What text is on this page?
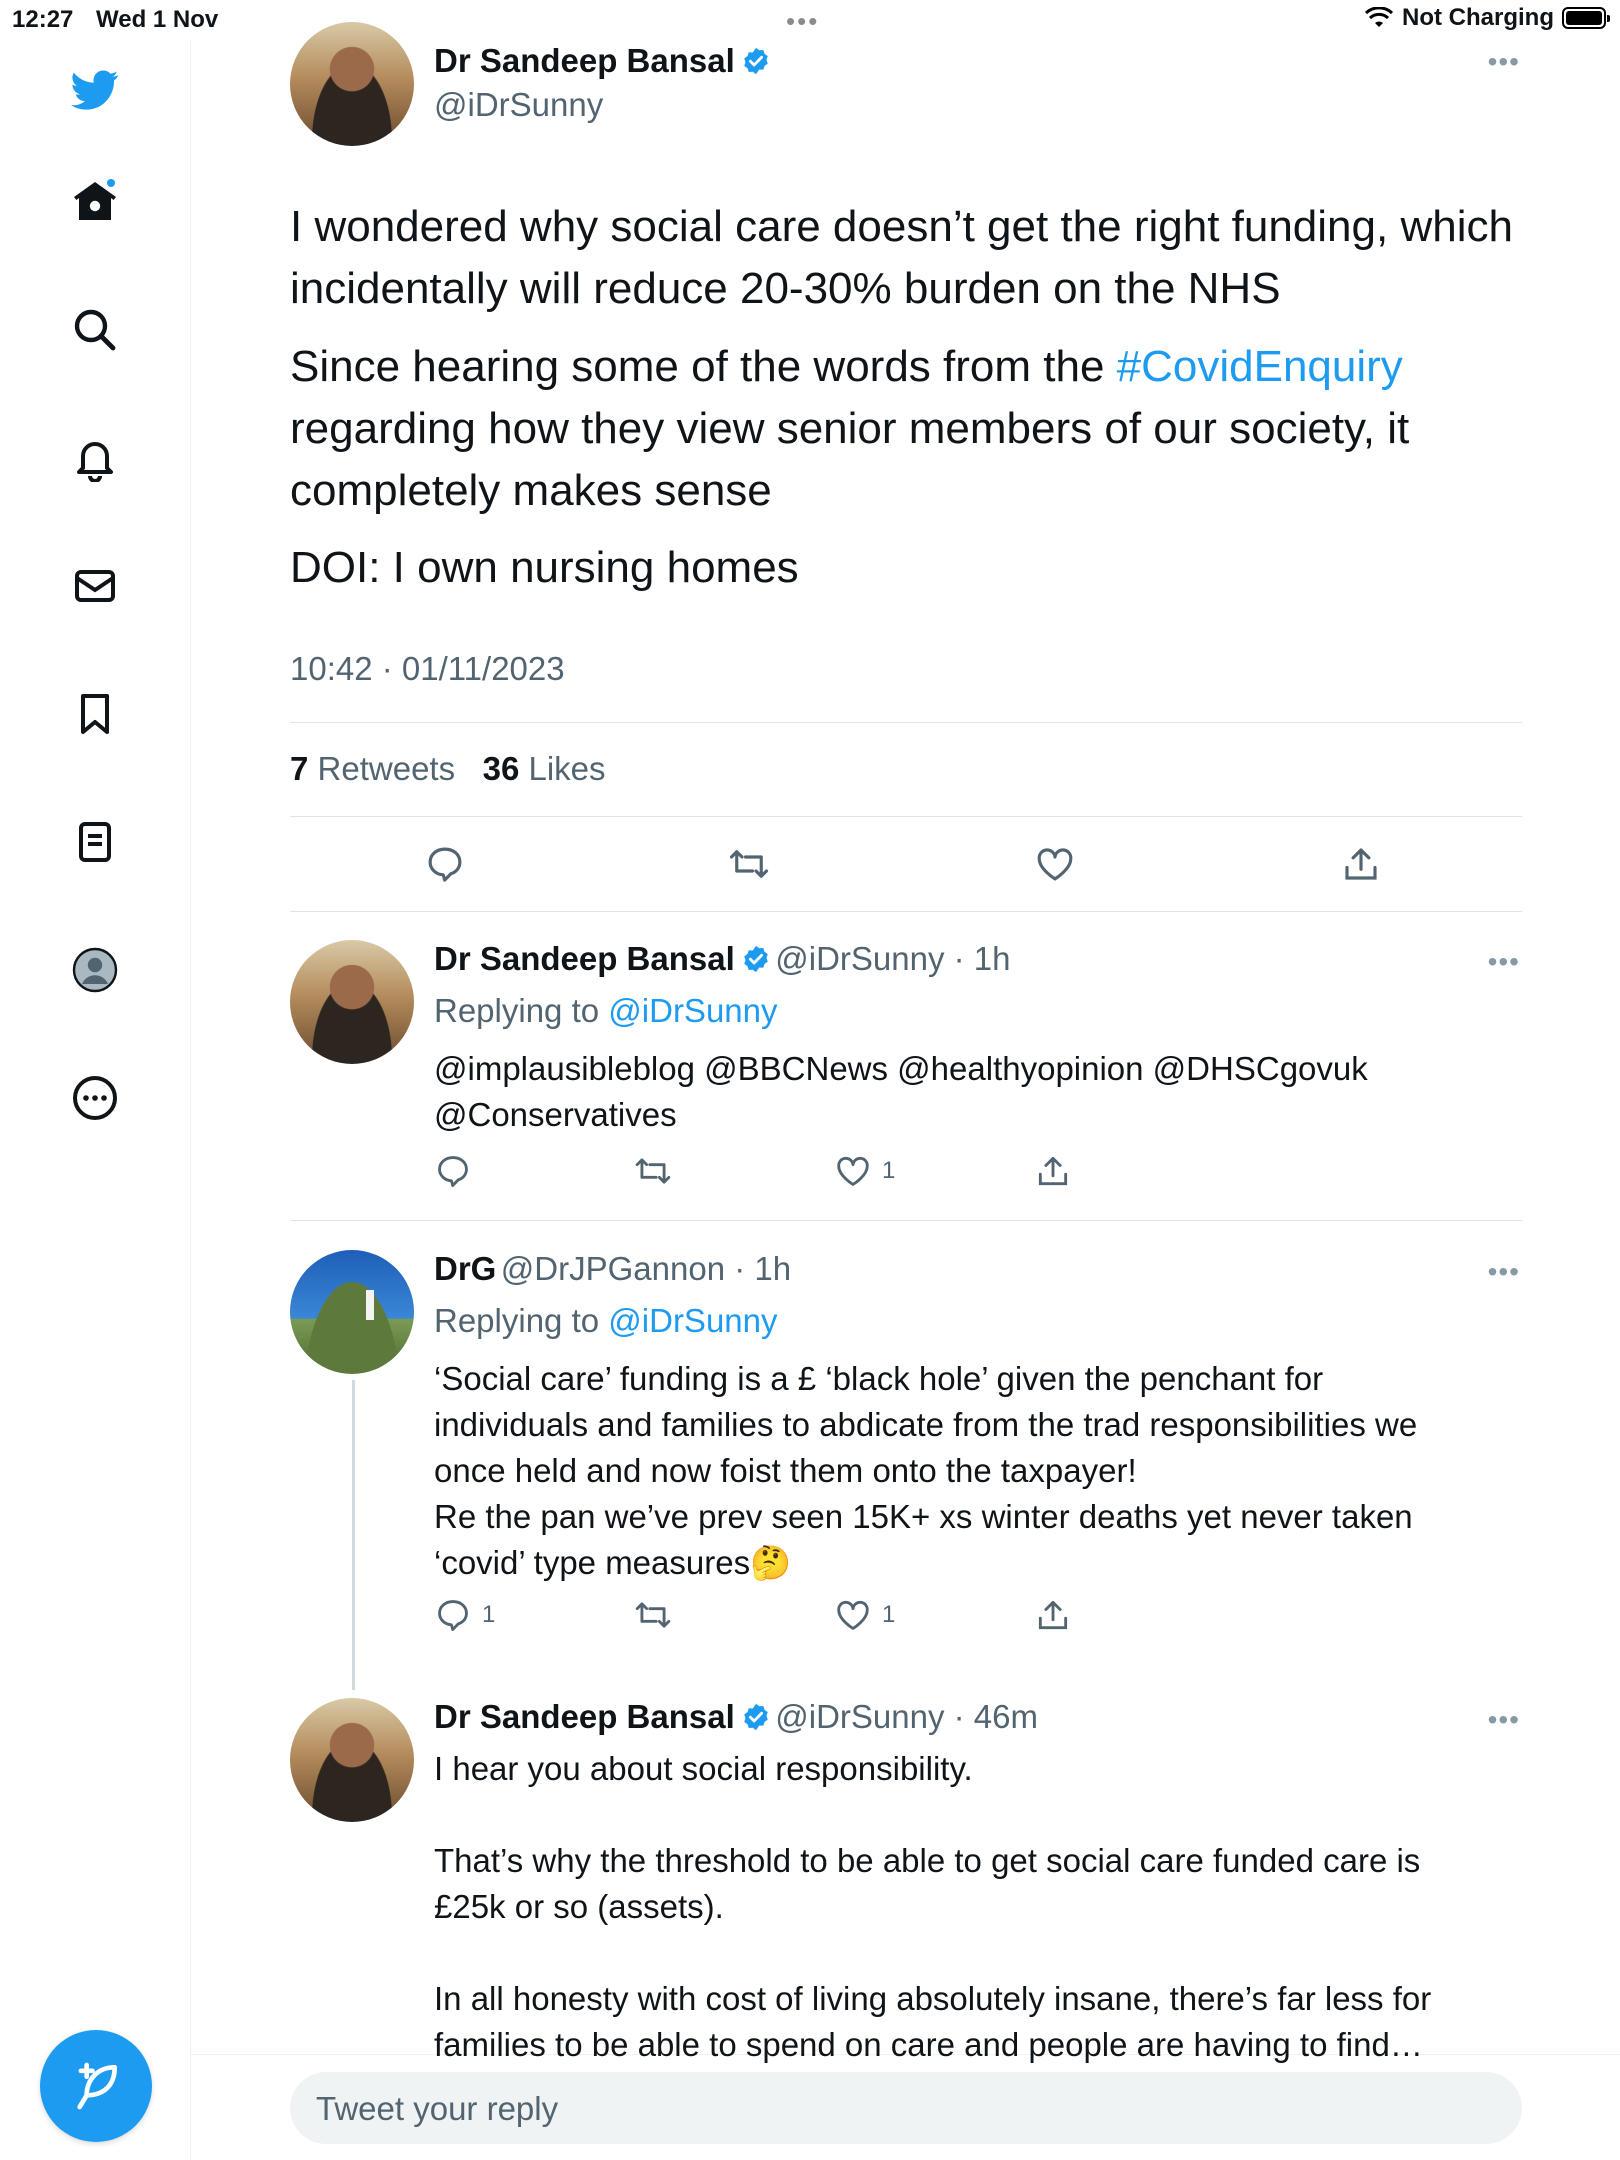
12:27 Wed 1 Nov	•••	Not Charging
Dr Sandeep Bansal
@iDrSunny
•••
I wondered why social care doesn’t get the right funding, which incidentally will reduce 20-30% burden on the NHS
Since hearing some of the words from the #CovidEnquiry regarding how they view senior members of our society, it completely makes sense
DOI: I own nursing homes
10:42 · 01/11/2023
7 Retweets 36 Likes
Dr Sandeep Bansal @iDrSunny · 1h	•••
Replying to @iDrSunny
@implausibleblog @BBCNews @healthyopinion @DHSCgovuk
@Conservatives
1
DrG @DrJPGannon · 1h	•••
Replying to @iDrSunny
‘Social care’ funding is a £ ‘black hole’ given the penchant for
individuals and families to abdicate from the trad responsibilities we
once held and now foist them onto the taxpayer!
Re the pan we’ve prev seen 15K+ xs winter deaths yet never taken
‘covid’ type measures🤔
1	1
Dr Sandeep Bansal @iDrSunny · 46m	•••
I hear you about social responsibility.
That’s why the threshold to be able to get social care funded care is
£25k or so (assets).
In all honesty with cost of living absolutely insane, there’s far less for
families to be able to spend on care and people are having to find…
Tweet your reply
